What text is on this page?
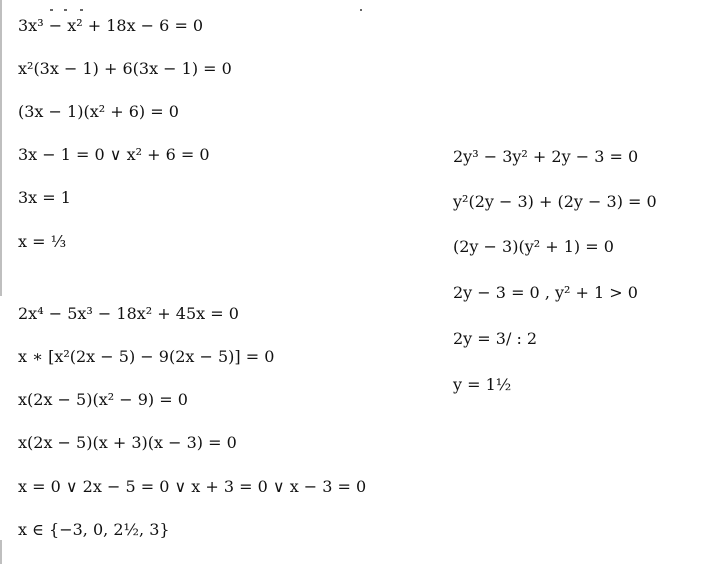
3x³ − x² + 18x − 6 = 0
x²(3x − 1) + 6(3x − 1) = 0
(3x − 1)(x² + 6) = 0
3x − 1 = 0 ∨ x² + 6 = 0
3x = 1
x = ⅓
2x⁴ − 5x³ − 18x² + 45x = 0
x ∗ [x²(2x − 5) − 9(2x − 5)] = 0
x(2x − 5)(x² − 9) = 0
x(2x − 5)(x + 3)(x − 3) = 0
x = 0 ∨ 2x − 5 = 0 ∨ x + 3 = 0 ∨ x − 3 = 0
x ∈ {−3, 0, 2½, 3}
2y³ − 3y² + 2y − 3 = 0
y²(2y − 3) + (2y − 3) = 0
(2y − 3)(y² + 1) = 0
2y − 3 = 0 , y² + 1 > 0
2y = 3/ : 2
y = 1½
